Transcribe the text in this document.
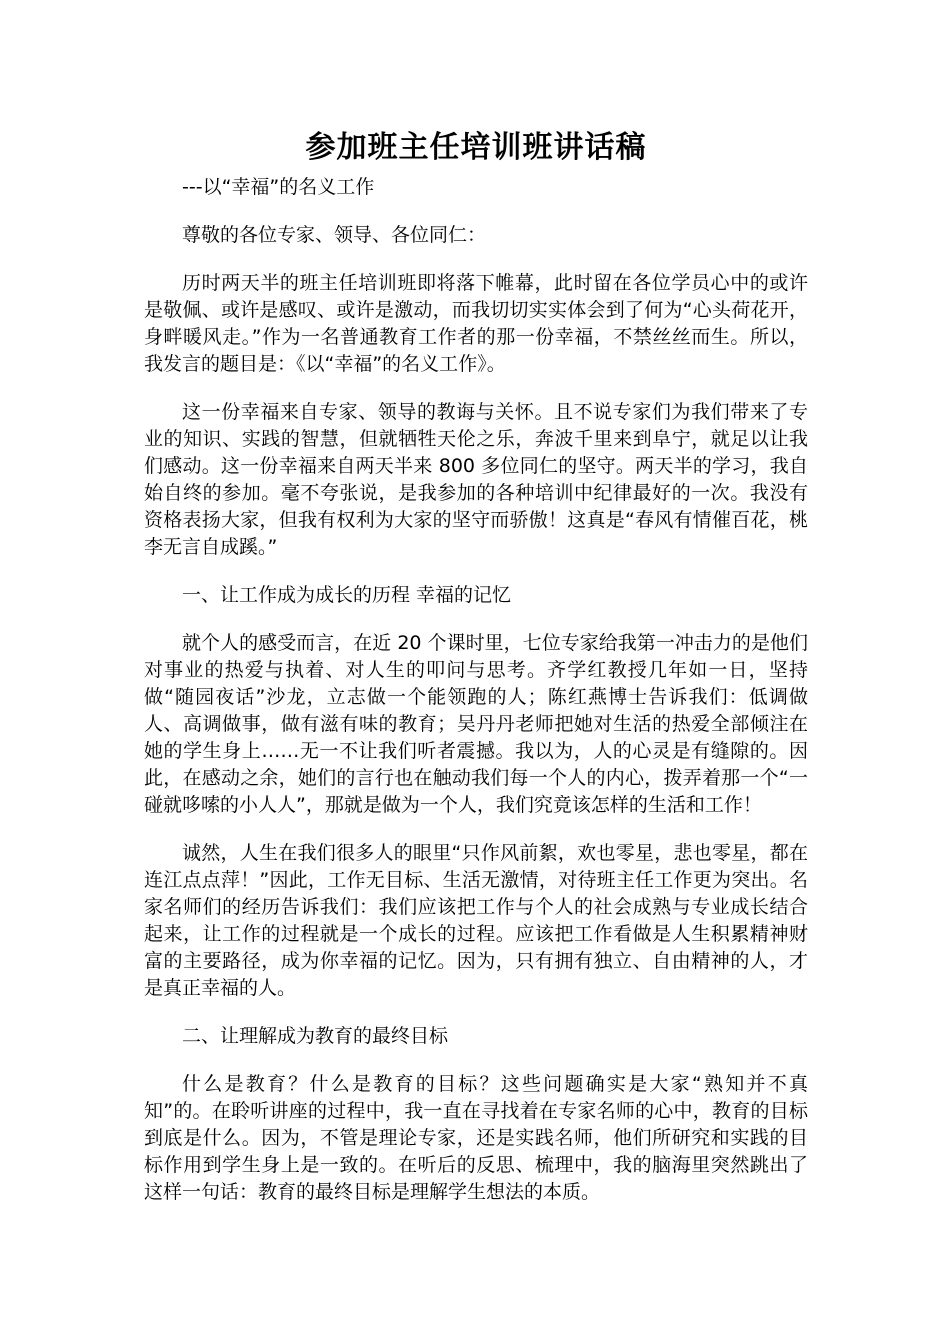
参加班主任培训班讲话稿

---以“幸福”的名义工作

尊敬的各位专家、领导、各位同仁：

历时两天半的班主任培训班即将落下帷幕，此时留在各位学员心中的或许是敬佩、或许是感叹、或许是激动，而我切切实实体会到了何为“心头荷花开，身畔暖风走。”作为一名普通教育工作者的那一份幸福，不禁丝丝而生。所以，我发言的题目是：《以“幸福”的名义工作》。

这一份幸福来自专家、领导的教诲与关怀。且不说专家们为我们带来了专业的知识、实践的智慧，但就牺牲天伦之乐，奔波千里来到阜宁，就足以让我们感动。这一份幸福来自两天半来 800 多位同仁的坚守。两天半的学习，我自始自终的参加。毫不夸张说，是我参加的各种培训中纪律最好的一次。我没有资格表扬大家，但我有权利为大家的坚守而骄傲！这真是“春风有情催百花，桃李无言自成蹊。”

一、让工作成为成长的历程 幸福的记忆

就个人的感受而言，在近 20 个课时里，七位专家给我第一冲击力的是他们对事业的热爱与执着、对人生的叩问与思考。齐学红教授几年如一日，坚持做“随园夜话”沙龙，立志做一个能领跑的人；陈红燕博士告诉我们：低调做人、高调做事，做有滋有味的教育；吴丹丹老师把她对生活的热爱全部倾注在她的学生身上……无一不让我们听者震撼。我以为，人的心灵是有缝隙的。因此，在感动之余，她们的言行也在触动我们每一个人的内心，拨弄着那一个“一碰就哆嗦的小人人”，那就是做为一个人，我们究竟该怎样的生活和工作！

诚然，人生在我们很多人的眼里“只作风前絮，欢也零星，悲也零星，都在连江点点萍！”因此，工作无目标、生活无激情，对待班主任工作更为突出。名家名师们的经历告诉我们：我们应该把工作与个人的社会成熟与专业成长结合起来，让工作的过程就是一个成长的过程。应该把工作看做是人生积累精神财富的主要路径，成为你幸福的记忆。因为，只有拥有独立、自由精神的人，才是真正幸福的人。

二、让理解成为教育的最终目标

什么是教育？什么是教育的目标？这些问题确实是大家“熟知并不真知”的。在聆听讲座的过程中，我一直在寻找着在专家名师的心中，教育的目标到底是什么。因为，不管是理论专家，还是实践名师，他们所研究和实践的目标作用到学生身上是一致的。在听后的反思、梳理中，我的脑海里突然跳出了这样一句话：教育的最终目标是理解学生想法的本质。
